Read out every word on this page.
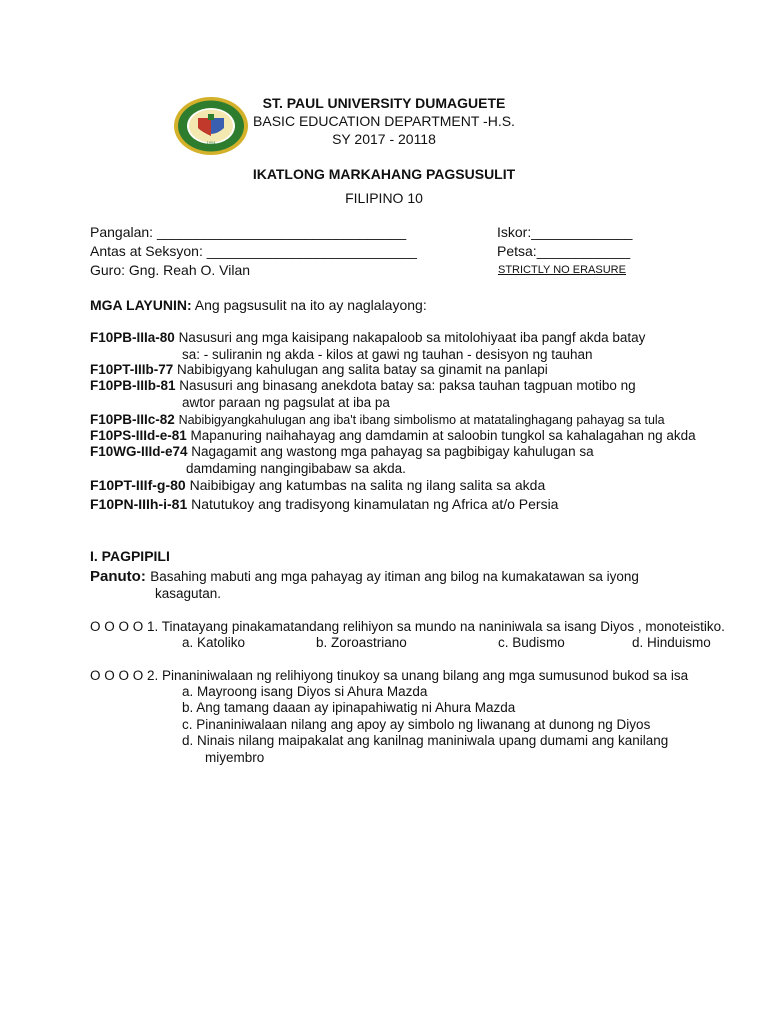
1904
ST. PAUL UNIVERSITY DUMAGUETE
BASIC EDUCATION DEPARTMENT -H.S.
SY 2017 - 20118
IKATLONG MARKAHANG PAGSUSULIT
FILIPINO 10
Pangalan: ________________________________
Antas at Seksyon: ___________________________
Guro: Gng. Reah O. Vilan
Iskor:_____________
Petsa:____________
STRICTLY NO ERASURE
MGA LAYUNIN: Ang pagsusulit na ito ay naglalayong:
F10PB-IIIa-80 Nasusuri ang mga kaisipang nakapaloob sa mitolohiyaat iba pangf akda batay
sa: - suliranin ng akda - kilos at gawi ng tauhan - desisyon ng tauhan
F10PT-IIIb-77 Nabibigyang kahulugan ang salita batay sa ginamit na panlapi
F10PB-IIIb-81 Nasusuri ang binasang anekdota batay sa: paksa tauhan tagpuan motibo ng
awtor paraan ng pagsulat at iba pa
F10PB-IIIc-82 Nabibigyangkahulugan ang iba't ibang simbolismo at matatalinghagang pahayag sa tula
F10PS-IIId-e-81 Mapanuring naihahayag ang damdamin at saloobin tungkol sa kahalagahan ng akda
F10WG-IIId-e74 Nagagamit ang wastong mga pahayag sa pagbibigay kahulugan sa
damdaming nangingibabaw sa akda.
F10PT-IIIf-g-80 Naibibigay ang katumbas na salita ng ilang salita sa akda
F10PN-IIIh-i-81 Natutukoy ang tradisyong kinamulatan ng Africa at/o Persia
I. PAGPIPILI
Panuto: Basahing mabuti ang mga pahayag ay itiman ang bilog na kumakatawan sa iyong
kasagutan.
O O O O 1. Tinatayang pinakamatandang relihiyon sa mundo na naniniwala sa isang Diyos , monoteistiko.
a. Katoliko	b. Zoroastriano	c. Budismo	d. Hinduismo
O O O O 2. Pinaniniwalaan ng relihiyong tinukoy sa unang bilang ang mga sumusunod bukod sa isa
a. Mayroong isang Diyos si Ahura Mazda
b. Ang tamang daaan ay ipinapahiwatig ni Ahura Mazda
c. Pinaniniwalaan nilang ang apoy ay simbolo ng liwanang at dunong ng Diyos
d. Ninais nilang maipakalat ang kanilnag maniniwala upang dumami ang kanilang
miyembro
